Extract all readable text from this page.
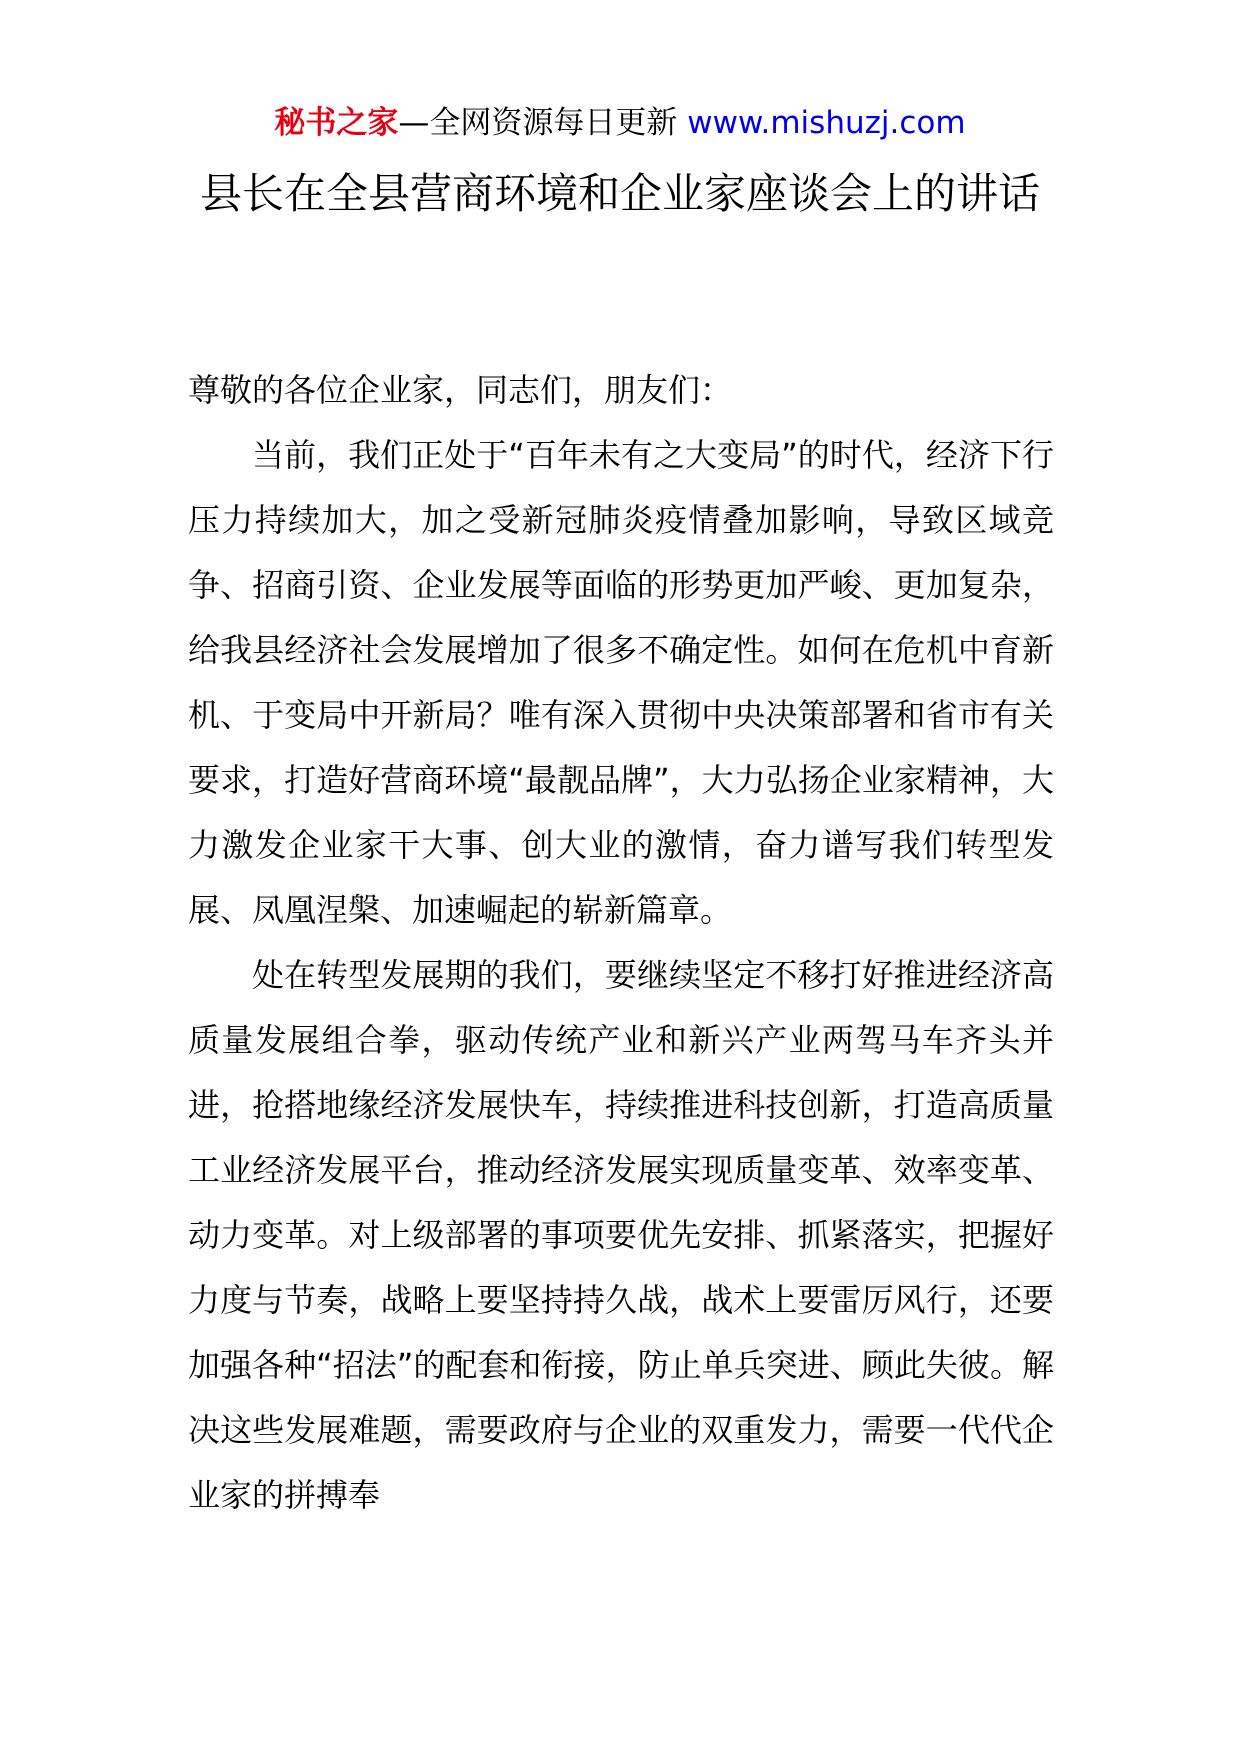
秘书之家—全网资源每日更新 www.mishuzj.com
县长在全县营商环境和企业家座谈会上的讲话

尊敬的各位企业家，同志们，朋友们：

当前，我们正处于“百年未有之大变局”的时代，经济下行压力持续加大，加之受新冠肺炎疫情叠加影响，导致区域竞争、招商引资、企业发展等面临的形势更加严峻、更加复杂，给我县经济社会发展增加了很多不确定性。如何在危机中育新机、于变局中开新局？唯有深入贯彻中央决策部署和省市有关要求，打造好营商环境“最靓品牌”，大力弘扬企业家精神，大力激发企业家干大事、创大业的激情，奋力谱写我们转型发展、凤凰涅槃、加速崛起的崭新篇章。

处在转型发展期的我们，要继续坚定不移打好推进经济高质量发展组合拳，驱动传统产业和新兴产业两驾马车齐头并进，抢搭地缘经济发展快车，持续推进科技创新，打造高质量工业经济发展平台，推动经济发展实现质量变革、效率变革、动力变革。对上级部署的事项要优先安排、抓紧落实，把握好力度与节奏，战略上要坚持持久战，战术上要雷厉风行，还要加强各种“招法”的配套和衔接，防止单兵突进、顾此失彼。解决这些发展难题，需要政府与企业的双重发力，需要一代代企业家的拼搏奉
